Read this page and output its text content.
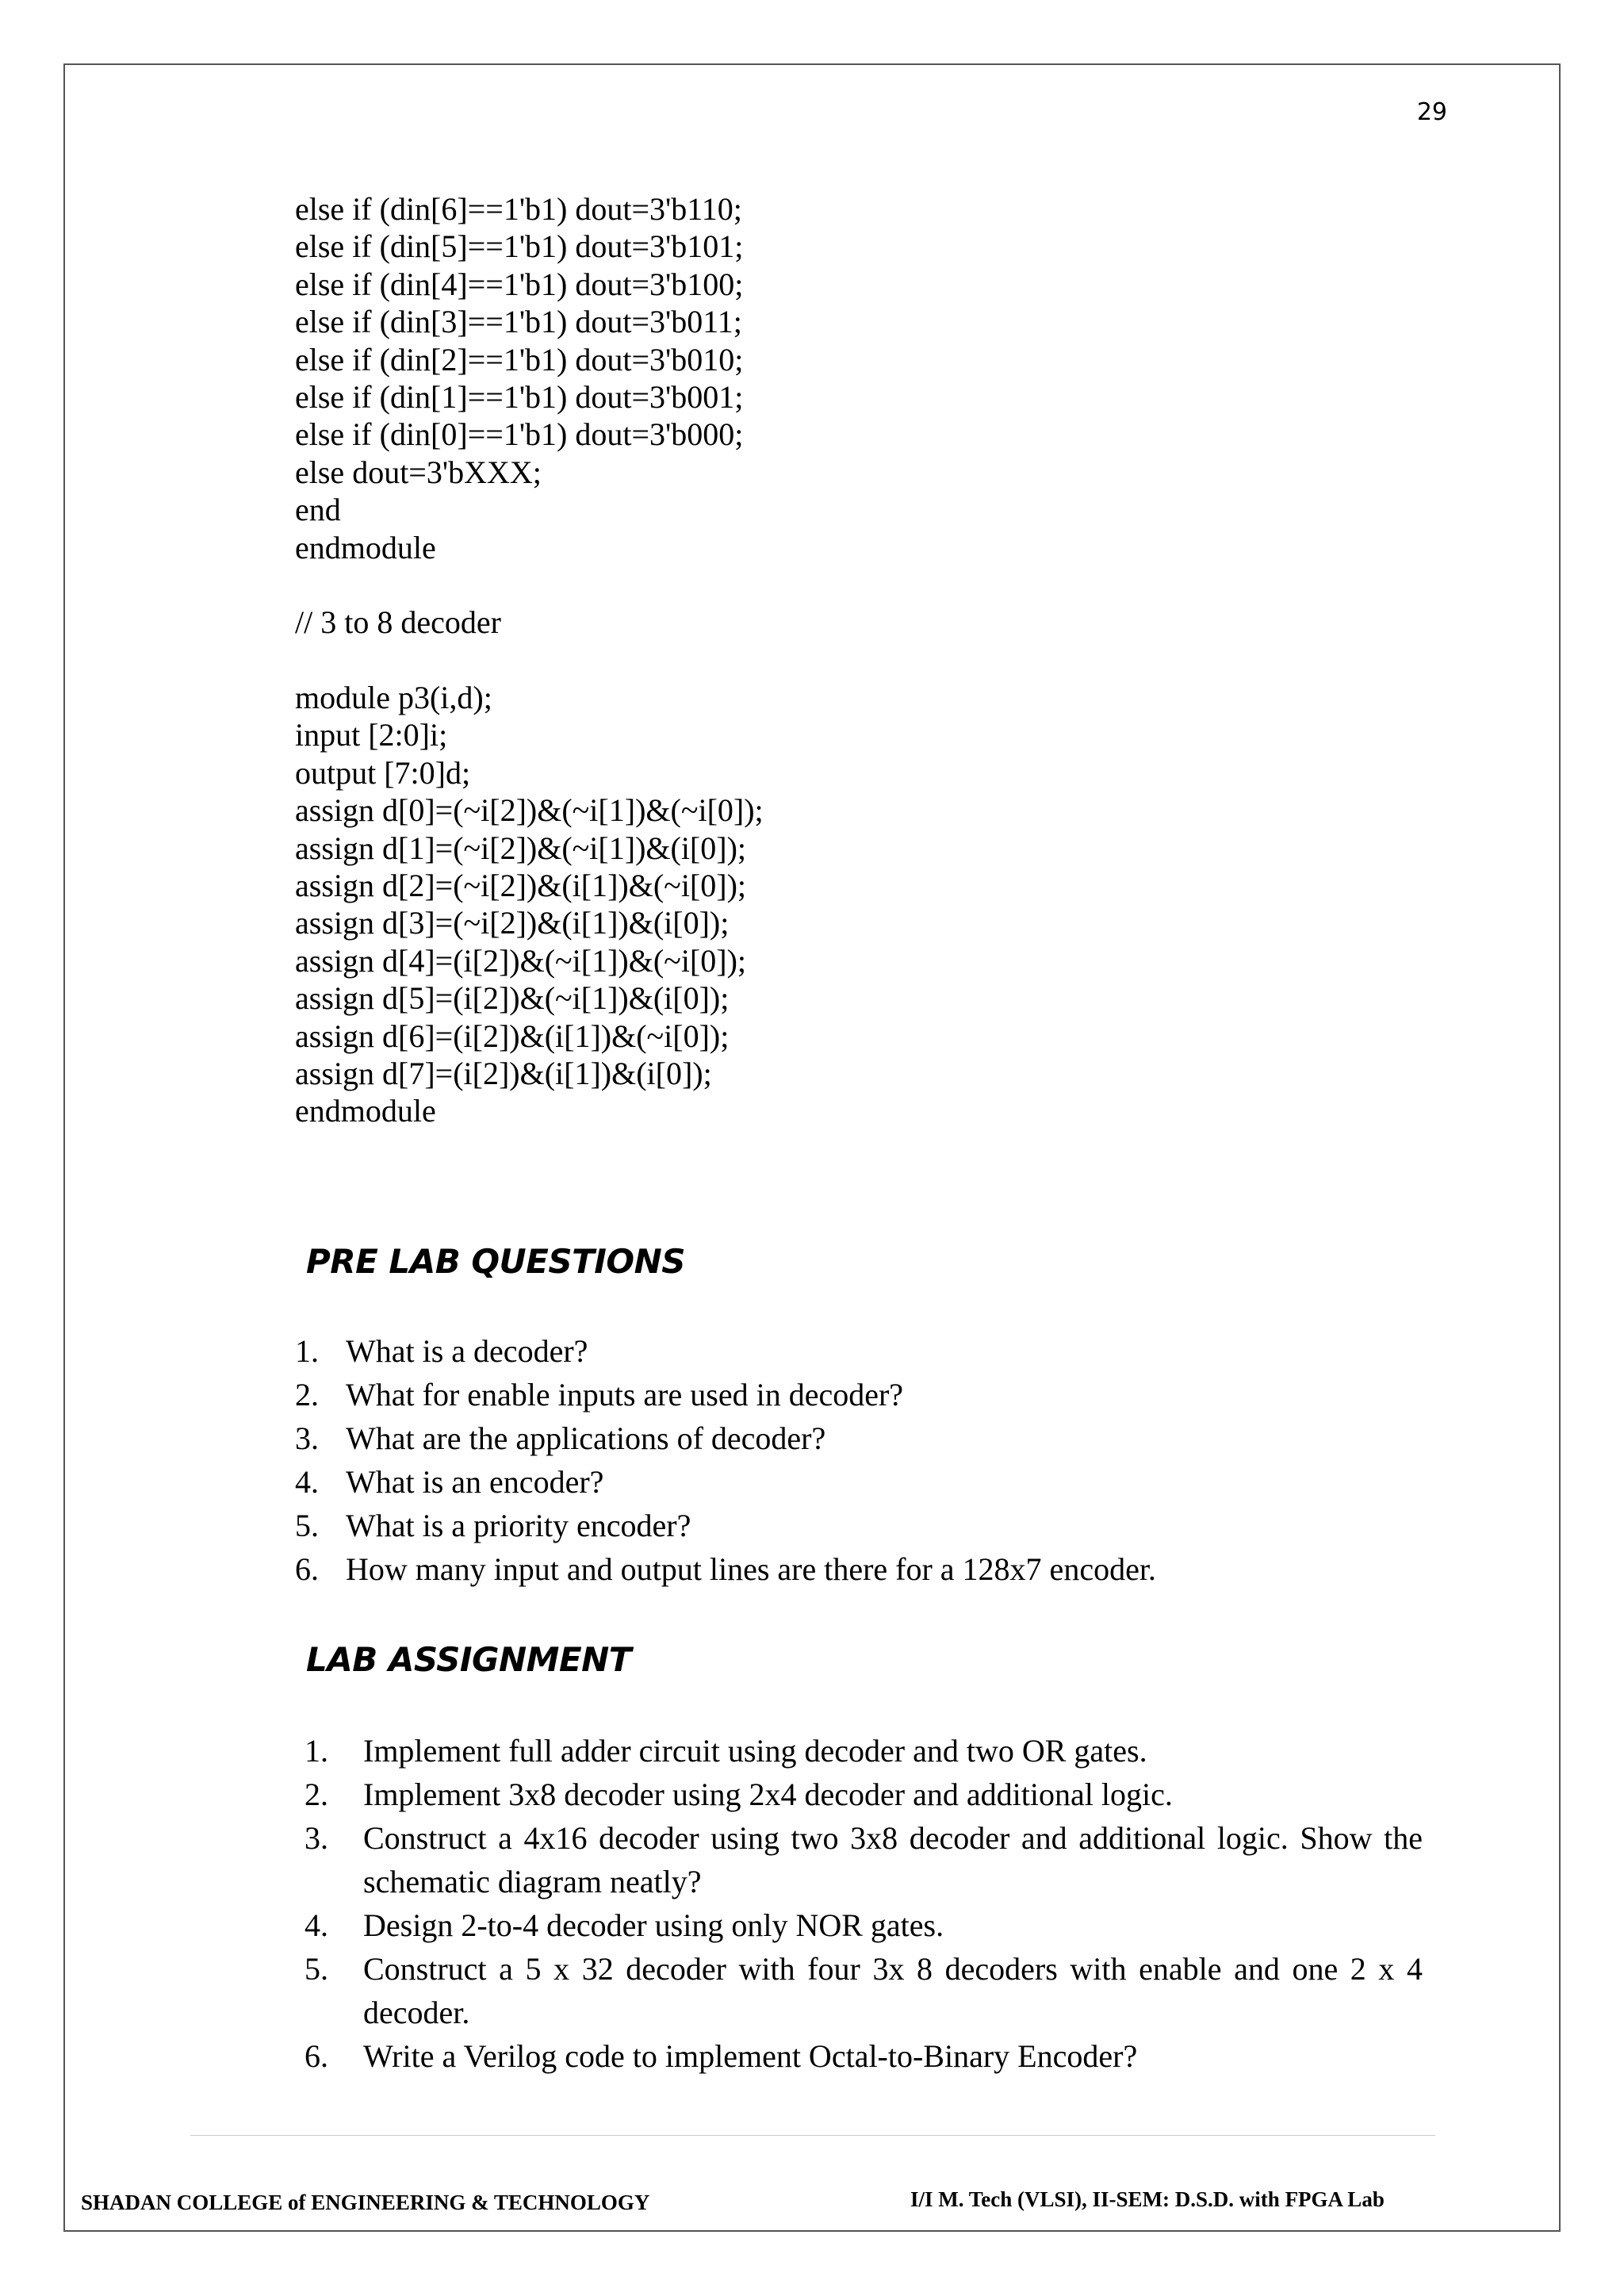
29
else if (din[6]==1'b1) dout=3'b110;
else if (din[5]==1'b1) dout=3'b101;
else if (din[4]==1'b1) dout=3'b100;
else if (din[3]==1'b1) dout=3'b011;
else if (din[2]==1'b1) dout=3'b010;
else if (din[1]==1'b1) dout=3'b001;
else if (din[0]==1'b1) dout=3'b000;
else dout=3'bXXX;
end
endmodule
// 3 to 8 decoder
module p3(i,d);
input [2:0]i;
output [7:0]d;
assign d[0]=(~i[2])&(~i[1])&(~i[0]);
assign d[1]=(~i[2])&(~i[1])&(i[0]);
assign d[2]=(~i[2])&(i[1])&(~i[0]);
assign d[3]=(~i[2])&(i[1])&(i[0]);
assign d[4]=(i[2])&(~i[1])&(~i[0]);
assign d[5]=(i[2])&(~i[1])&(i[0]);
assign d[6]=(i[2])&(i[1])&(~i[0]);
assign d[7]=(i[2])&(i[1])&(i[0]);
endmodule
PRE LAB QUESTIONS
1. What is a decoder?
2. What for enable inputs are used in decoder?
3. What are the applications of decoder?
4. What is an encoder?
5. What is a priority encoder?
6. How many input and output lines are there for a 128x7 encoder.
LAB ASSIGNMENT
1.	Implement full adder circuit using decoder and two OR gates.
2.	Implement 3x8 decoder using 2x4 decoder and additional logic.
3.	Construct a 4x16 decoder using two 3x8 decoder and additional logic. Show the schematic diagram neatly?
4.	Design 2-to-4 decoder using only NOR gates.
5.	Construct a 5 x 32 decoder with four 3x 8 decoders with enable and one 2 x 4 decoder.
6.	Write a Verilog code to implement Octal-to-Binary Encoder?
SHADAN COLLEGE of ENGINEERING & TECHNOLOGY	I/I M. Tech (VLSI), II-SEM: D.S.D. with FPGA Lab
